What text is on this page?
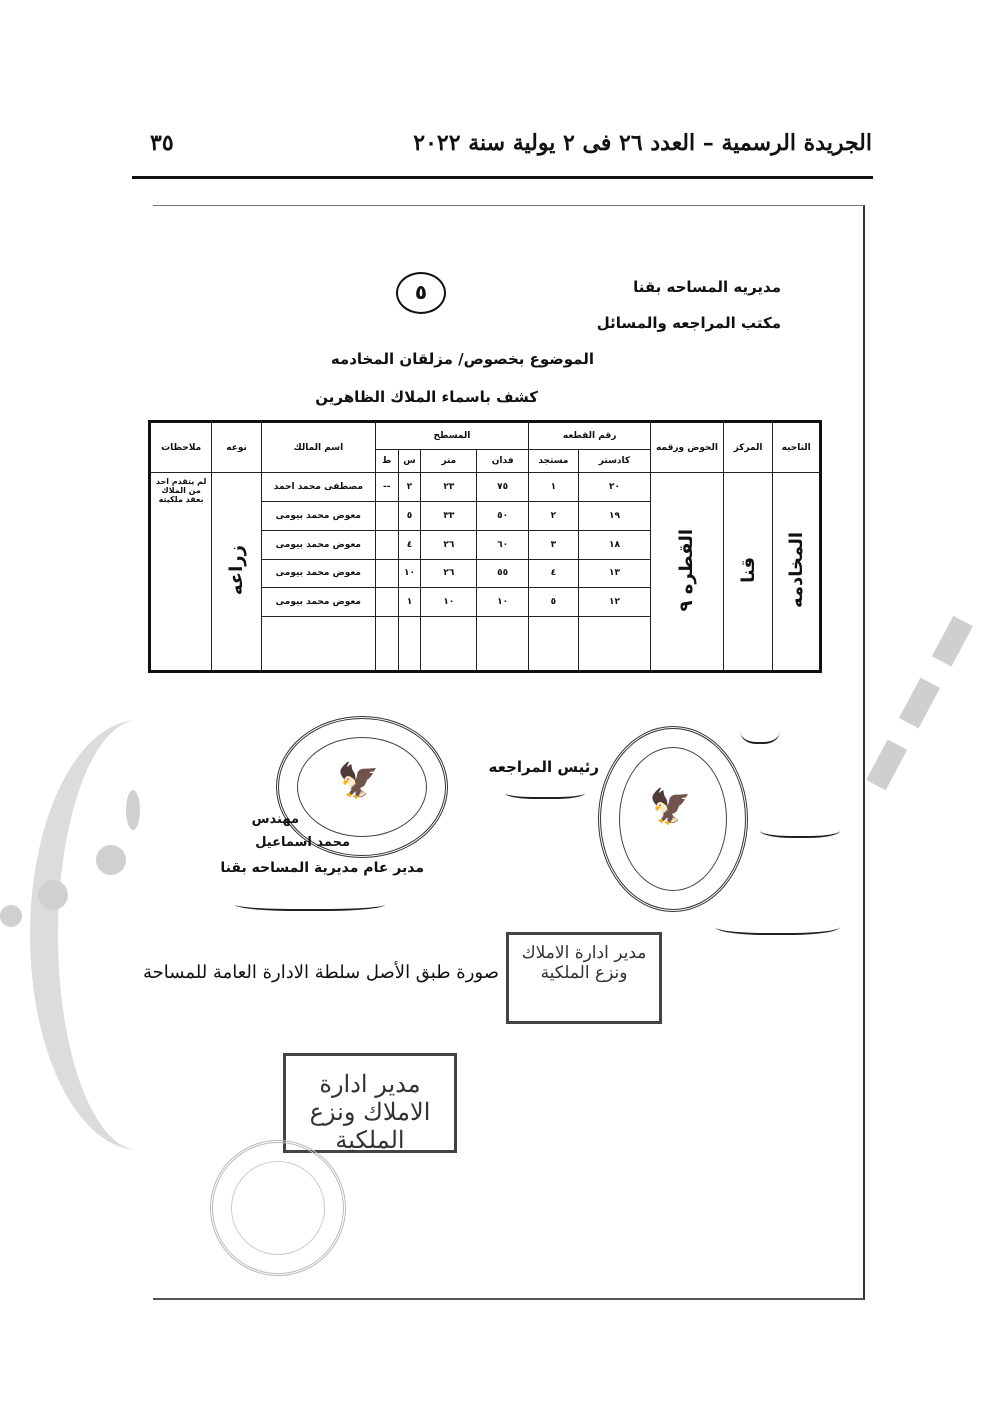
الجريدة الرسمية – العدد ٢٦ فى ٢ يولية سنة ٢٠٢٢
٣٥
▮▮▮
مديريه المساحه بقنا
مكتب المراجعه والمسائل
٥
الموضوع بخصوص/ مزلقان المخادمه
كشف باسماء الملاك الظاهرين
الناحيه	المركز	الحوض ورقمه	رقم القطعه		المسطح				اسم المالك	نوعه	ملاحظات
			كادستر	مستجد	فدان	متر	س	ط			
المخادمه	قنا	القطره ٩	٢٠	١	٧٥	٢٣	٢	--	مصطفى محمد احمد	زراعه	لم يتقدم احد من الملاك بعقد ملكيته
			١٩	٢	٥٠	٣٣	٥		معوض محمد بيومى		
			١٨	٣	٦٠	٢٦	٤		معوض محمد بيومى		
			١٣	٤	٥٥	٢٦	١٠		معوض محمد بيومى		
			١٢	٥	١٠	١٠	١		معوض محمد بيومى		

🦅
🦅
رئيس المراجعه
مهندس
محمد اسماعيل
مدير عام مديرية المساحه بقنا
مدير ادارة الاملاك ونزع الملكية
صورة طبق الأصل سلطة الادارة العامة للمساحة
مدير ادارة الاملاك ونزع الملكية
